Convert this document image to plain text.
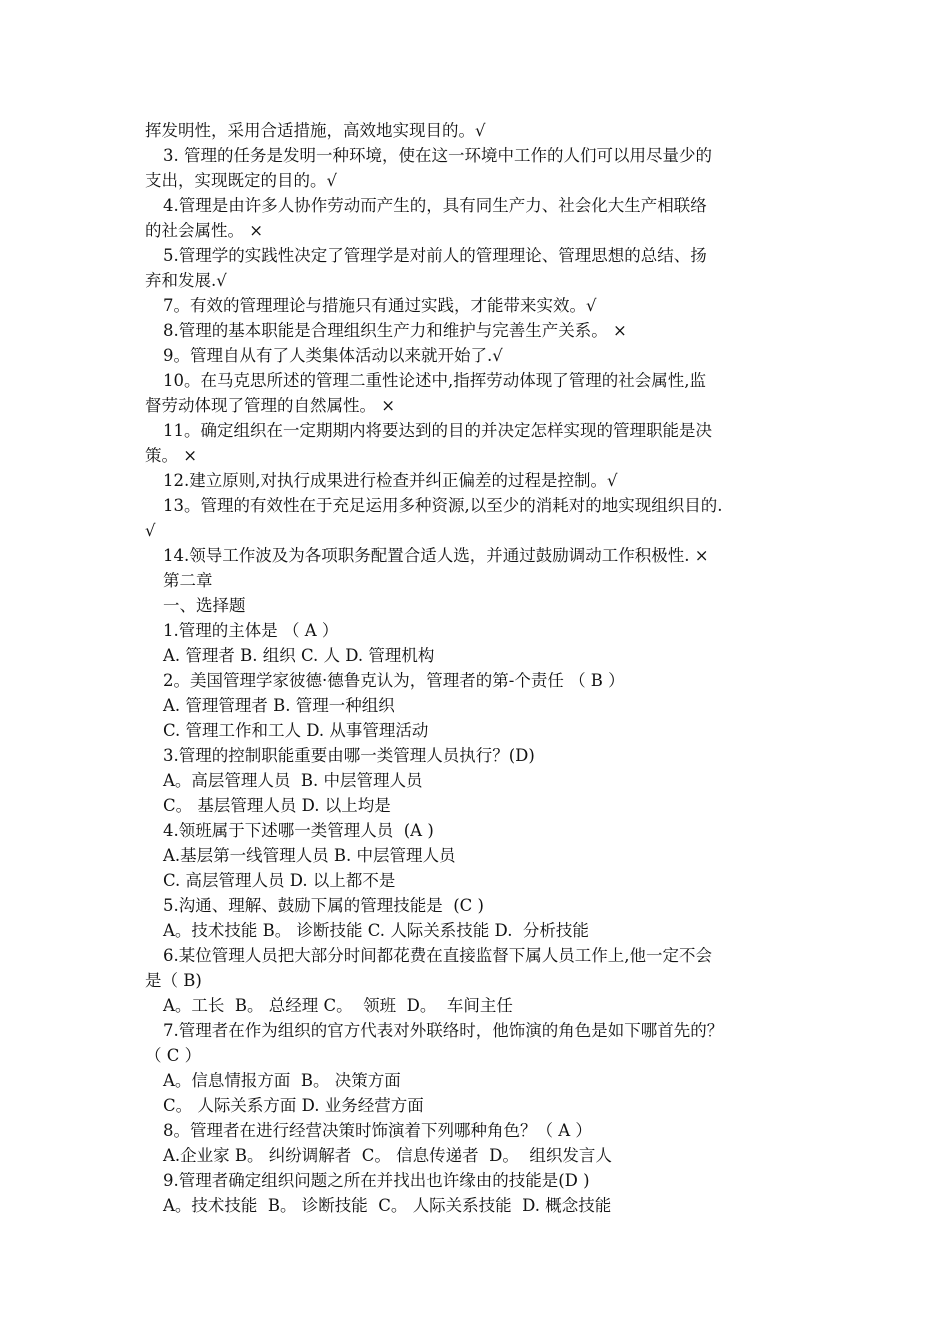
挥发明性，采用合适措施，高效地实现目的。√
3. 管理的任务是发明一种环境，使在这一环境中工作的人们可以用尽量少的
支出，实现既定的目的。√
4.管理是由许多人协作劳动而产生的，具有同生产力、社会化大生产相联络
的社会属性。 ×
5.管理学的实践性决定了管理学是对前人的管理理论、管理思想的总结、扬
弃和发展.√
7。有效的管理理论与措施只有通过实践，才能带来实效。√
8.管理的基本职能是合理组织生产力和维护与完善生产关系。 ×
9。管理自从有了人类集体活动以来就开始了.√
10。在马克思所述的管理二重性论述中,指挥劳动体现了管理的社会属性,监
督劳动体现了管理的自然属性。 ×
11。确定组织在一定期期内将要达到的目的并决定怎样实现的管理职能是决
策。 ×
12.建立原则,对执行成果进行检查并纠正偏差的过程是控制。√
13。管理的有效性在于充足运用多种资源,以至少的消耗对的地实现组织目的.
√
14.领导工作波及为各项职务配置合适人选，并通过鼓励调动工作积极性. ×
第二章
一、选择题
1.管理的主体是 （ A ）
A. 管理者 B. 组织 C. 人 D. 管理机构
2。美国管理学家彼德·德鲁克认为，管理者的第-个责任 （ B ）
A. 管理管理者 B. 管理一种组织
C. 管理工作和工人 D. 从事管理活动
3.管理的控制职能重要由哪一类管理人员执行？(D)
A。高层管理人员  B. 中层管理人员
C。 基层管理人员 D. 以上均是
4.领班属于下述哪一类管理人员  (A )
A.基层第一线管理人员 B. 中层管理人员
C. 高层管理人员 D. 以上都不是
5.沟通、理解、鼓励下属的管理技能是  (C )
A。技术技能 B。 诊断技能 C. 人际关系技能 D.  分析技能
6.某位管理人员把大部分时间都花费在直接监督下属人员工作上,他一定不会
是（ B)
A。工长  B。 总经理 C。  领班  D。  车间主任
7.管理者在作为组织的官方代表对外联络时，他饰演的角色是如下哪首先的？
（ C ）
A。信息情报方面  B。 决策方面
C。 人际关系方面 D. 业务经营方面
8。管理者在进行经营决策时饰演着下列哪种角色？（ A ）
A.企业家 B。 纠纷调解者  C。 信息传递者  D。  组织发言人
9.管理者确定组织问题之所在并找出也许缘由的技能是(D )
A。技术技能  B。 诊断技能  C。 人际关系技能  D. 概念技能
